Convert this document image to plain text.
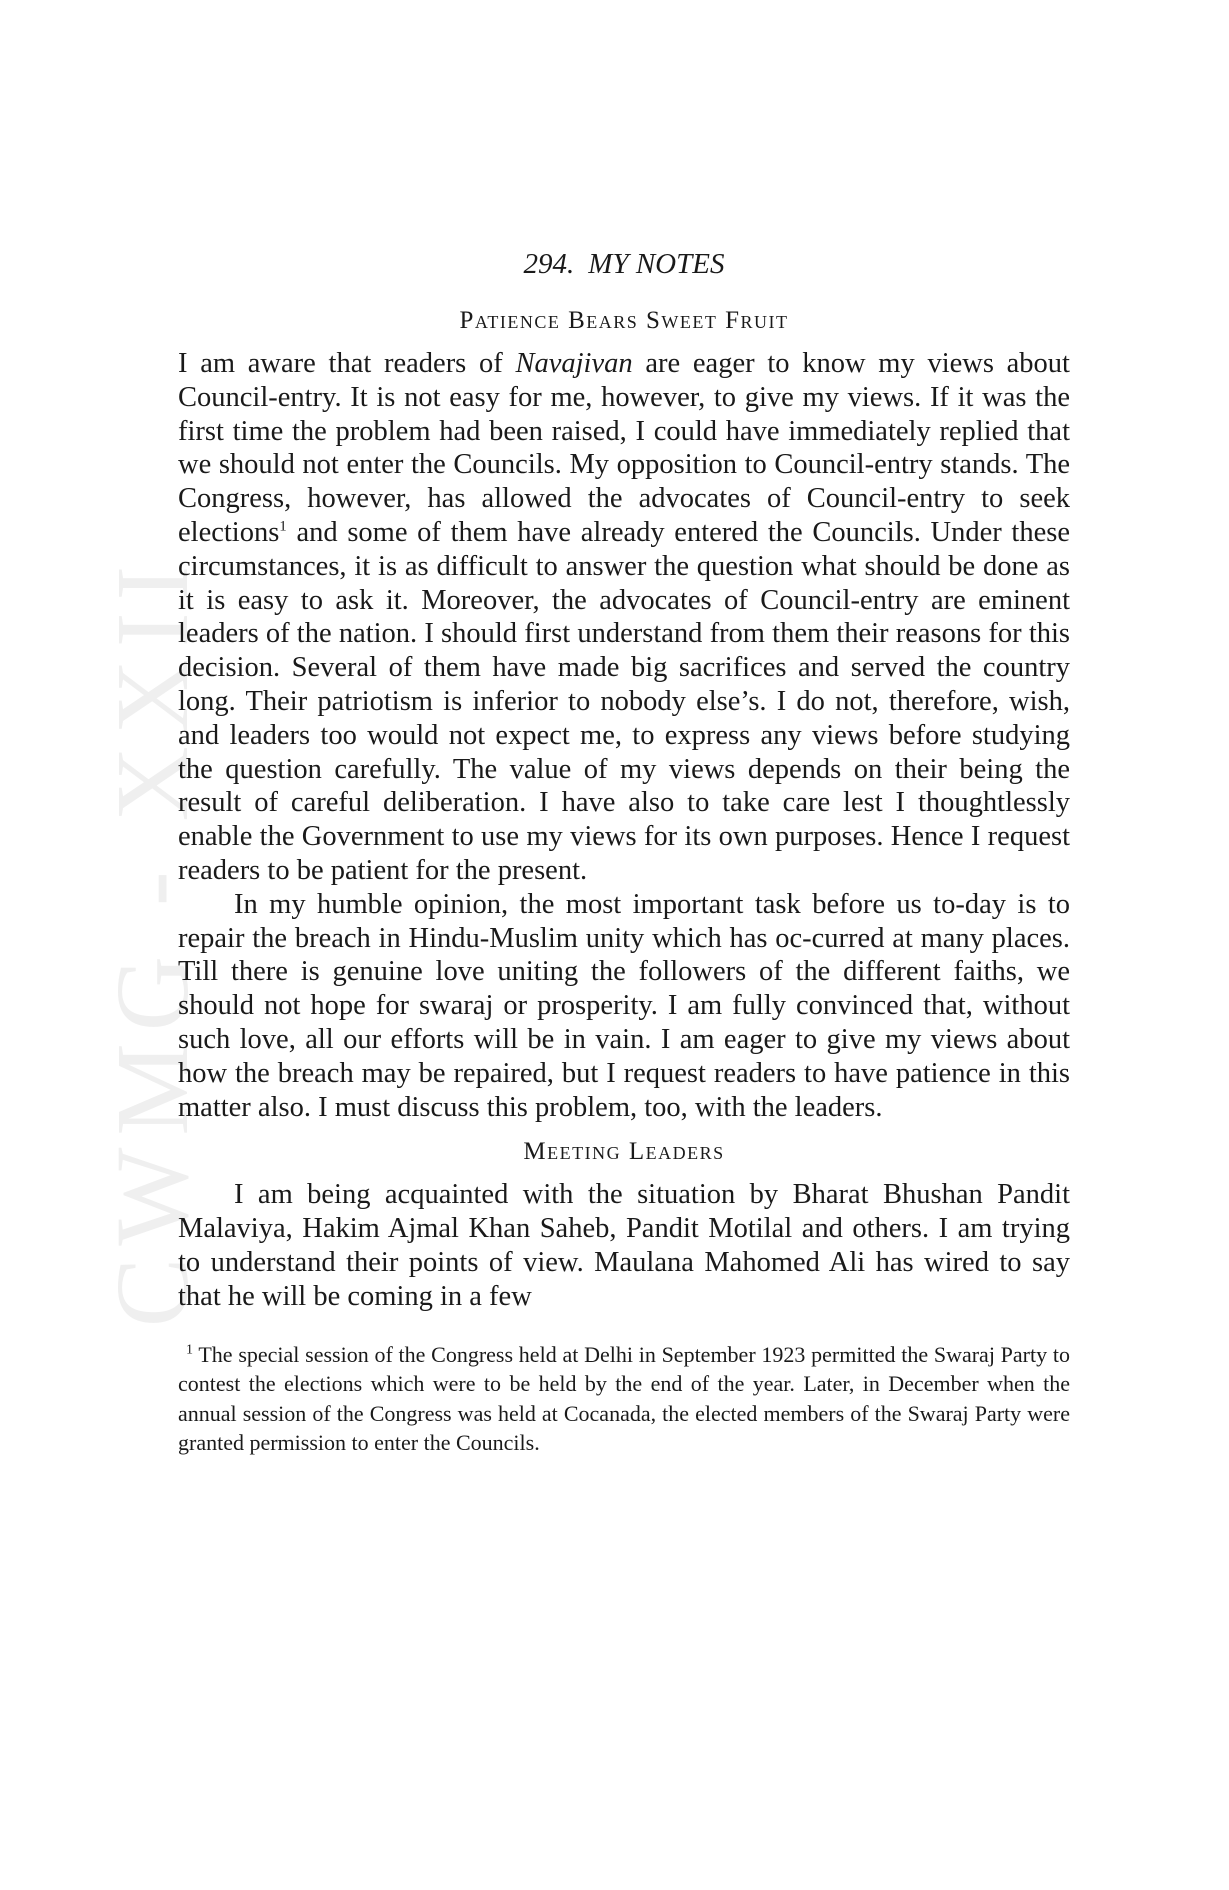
CWMG - XXII
294. MY NOTES
Patience Bears Sweet Fruit

I am aware that readers of Navajivan are eager to know my views about Council-entry. It is not easy for me, however, to give my views. If it was the first time the problem had been raised, I could have immediately replied that we should not enter the Councils. My opposition to Council-entry stands. The Congress, however, has allowed the advocates of Council-entry to seek elections$^1$ and some of them have already entered the Councils. Under these circumstances, it is as difficult to answer the question what should be done as it is easy to ask it. Moreover, the advocates of Council-entry are eminent leaders of the nation. I should first understand from them their reasons for this decision. Several of them have made big sacrifices and served the country long. Their patriotism is inferior to nobody else’s. I do not, therefore, wish, and leaders too would not expect me, to express any views before studying the question carefully. The value of my views depends on their being the result of careful deliberation. I have also to take care lest I thoughtlessly enable the Government to use my views for its own purposes. Hence I request readers to be patient for the present.

In my humble opinion, the most important task before us to-day is to repair the breach in Hindu-Muslim unity which has oc-curred at many places. Till there is genuine love uniting the followers of the different faiths, we should not hope for swaraj or prosperity. I am fully convinced that, without such love, all our efforts will be in vain. I am eager to give my views about how the breach may be repaired, but I request readers to have patience in this matter also. I must discuss this problem, too, with the leaders.

Meeting Leaders

I am being acquainted with the situation by Bharat Bhushan Pandit Malaviya, Hakim Ajmal Khan Saheb, Pandit Motilal and others. I am trying to understand their points of view. Maulana Mahomed Ali has wired to say that he will be coming in a few

$^1$ The special session of the Congress held at Delhi in September 1923 permitted the Swaraj Party to contest the elections which were to be held by the end of the year. Later, in December when the annual session of the Congress was held at Cocanada, the elected members of the Swaraj Party were granted permission to enter the Councils.
